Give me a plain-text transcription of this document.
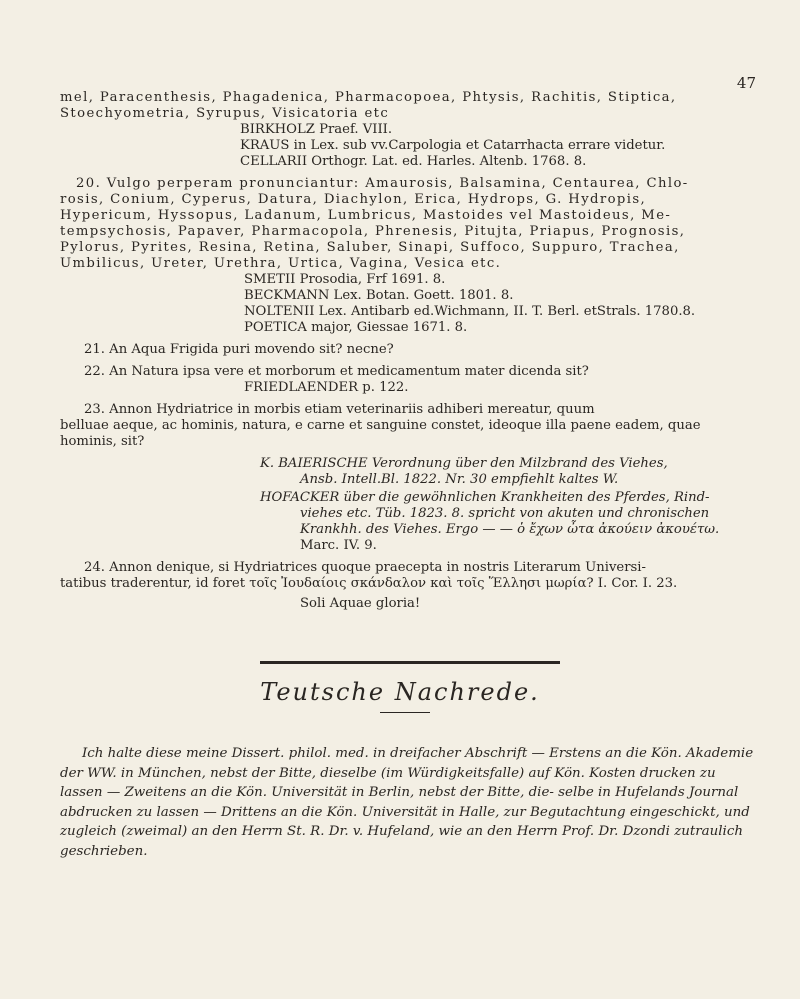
47
mel, Paracenthesis, Phagadenica, Pharmacopoea, Phtysis, Rachitis, Stiptica,
Stoechyometria, Syrupus, Visicatoria etc
BIRKHOLZ Praef. VIII.
KRAUS in Lex. sub vv.Carpologia et Catarrhacta errare videtur.
CELLARII Orthogr. Lat. ed. Harles. Altenb. 1768. 8.
20. Vulgo perperam pronunciantur: Amaurosis, Balsamina, Centaurea, Chlo-
rosis, Conium, Cyperus, Datura, Diachylon, Erica, Hydrops, G. Hydropis,
Hypericum, Hyssopus, Ladanum, Lumbricus, Mastoides vel Mastoideus, Me-
tempsychosis, Papaver, Pharmacopola, Phrenesis, Pitujta, Priapus, Prognosis,
Pylorus, Pyrites, Resina, Retina, Saluber, Sinapi, Suffoco, Suppuro, Trachea,
Umbilicus, Ureter, Urethra, Urtica, Vagina, Vesica etc.
SMETII Prosodia, Frf 1691. 8.
BECKMANN Lex. Botan. Goett. 1801. 8.
NOLTENII Lex. Antibarb ed.Wichmann, II. T. Berl. etStrals. 1780.8.
POETICA major, Giessae 1671. 8.
21. An Aqua Frigida puri movendo sit? necne?
22. An Natura ipsa vere et morborum et medicamentum mater dicenda sit?
FRIEDLAENDER p. 122.
23. Annon Hydriatrice in morbis etiam veterinariis adhiberi mereatur, quum
belluae aeque, ac hominis, natura, e carne et sanguine constet, ideoque illa paene eadem, quae
hominis, sit?
K. BAIERISCHE Verordnung über den Milzbrand des Viehes,
Ansb. Intell.Bl. 1822. Nr. 30 empfiehlt kaltes W.
HOFACKER über die gewöhnlichen Krankheiten des Pferdes, Rind-
viehes etc. Tüb. 1823. 8. spricht von akuten und chronischen
Krankhh. des Viehes. Ergo — — ὁ ἔχων ὦτα ἀκούειν ἀκουέτω.
Marc. IV. 9.
24. Annon denique, si Hydriatrices quoque praecepta in nostris Literarum Universi-
tatibus traderentur, id foret τοῖς Ἰουδαίοις σκάνδαλον καὶ τοῖς Ἕλλησι μωρία? I. Cor. I. 23.
Soli Aquae gloria!
Teutsche Nachrede.
Ich halte diese meine Dissert. philol. med. in dreifacher Abschrift — Erstens an die Kön. Akademie der WW. in München, nebst der Bitte, dieselbe (im Würdigkeitsfalle) auf Kön. Kosten drucken zu lassen — Zweitens an die Kön. Universität in Berlin, nebst der Bitte, die- selbe in Hufelands Journal abdrucken zu lassen — Drittens an die Kön. Universität in Halle, zur Begutachtung eingeschickt, und zugleich (zweimal) an den Herrn St. R. Dr. v. Hufeland, wie an den Herrn Prof. Dr. Dzondi zutraulich geschrieben.
